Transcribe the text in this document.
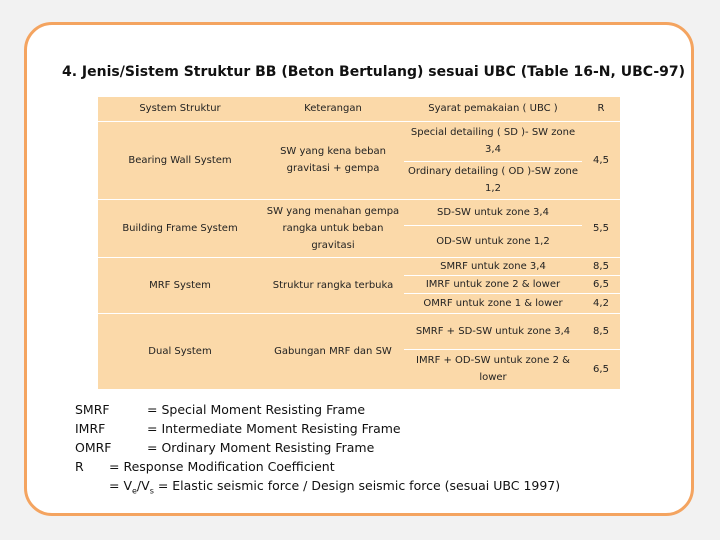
4. Jenis/Sistem Struktur BB (Beton Bertulang) sesuai UBC (Table 16-N, UBC-97)
System Struktur	Keterangan	Syarat pemakaian ( UBC )	R
Bearing Wall System	SW yang kena beban gravitasi + gempa	Special detailing ( SD )- SW zone 3,4	4,5
		Ordinary detailing ( OD )-SW zone 1,2	
Building Frame System	SW yang menahan gempa rangka untuk beban gravitasi	SD-SW untuk zone 3,4	5,5
		OD-SW untuk zone 1,2	
MRF System	Struktur rangka terbuka	SMRF untuk zone 3,4	8,5
		IMRF untuk zone 2 & lower	6,5
		OMRF untuk zone 1 & lower	4,2
Dual System	Gabungan MRF dan SW	SMRF + SD-SW untuk zone 3,4	8,5
		IMRF + OD-SW untuk zone 2 & lower	6,5
SMRF	= Special Moment Resisting Frame
IMRF	= Intermediate Moment Resisting Frame
OMRF	= Ordinary Moment Resisting Frame
R = Response Modification Coefficient
= $V_e/V_s$ = Elastic seismic force / Design seismic force (sesuai UBC 1997)
